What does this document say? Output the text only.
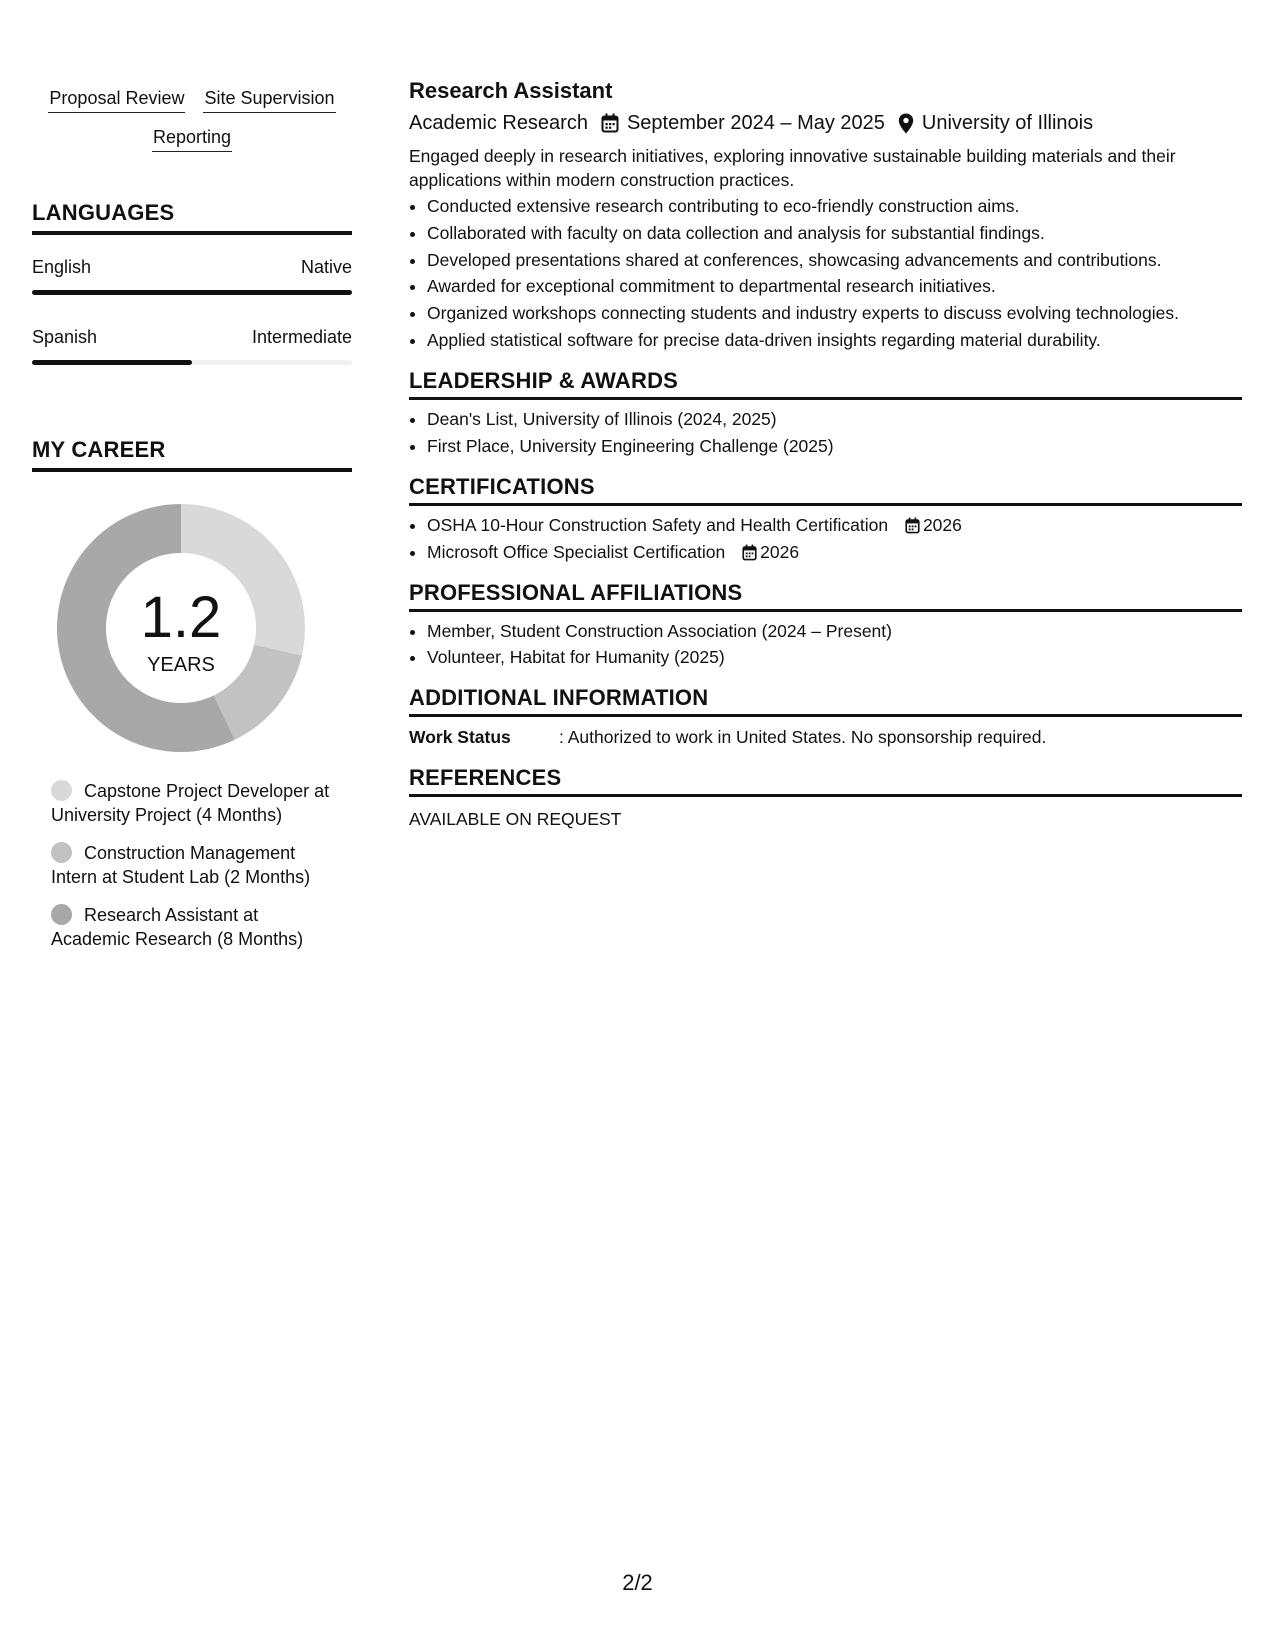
Proposal Review Site Supervision
Reporting
LANGUAGES
English	Native
Spanish	Intermediate
MY CAREER
1.2
YEARS
Capstone Project Developer at University Project (4 Months)
Construction Management Intern at Student Lab (2 Months)
Research Assistant at Academic Research (8 Months)
Research Assistant
Academic Research September 2024 – May 2025 University of Illinois
Engaged deeply in research initiatives, exploring innovative sustainable building materials and their applications within modern construction practices.
• Conducted extensive research contributing to eco-friendly construction aims.
• Collaborated with faculty on data collection and analysis for substantial findings.
• Developed presentations shared at conferences, showcasing advancements and contributions.
• Awarded for exceptional commitment to departmental research initiatives.
• Organized workshops connecting students and industry experts to discuss evolving technologies.
• Applied statistical software for precise data-driven insights regarding material durability.
LEADERSHIP & AWARDS
• Dean's List, University of Illinois (2024, 2025)
• First Place, University Engineering Challenge (2025)
CERTIFICATIONS
• OSHA 10-Hour Construction Safety and Health Certification 2026
• Microsoft Office Specialist Certification 2026
PROFESSIONAL AFFILIATIONS
• Member, Student Construction Association (2024 – Present)
• Volunteer, Habitat for Humanity (2025)
ADDITIONAL INFORMATION
Work Status	: Authorized to work in United States. No sponsorship required.
REFERENCES
AVAILABLE ON REQUEST
2/2
